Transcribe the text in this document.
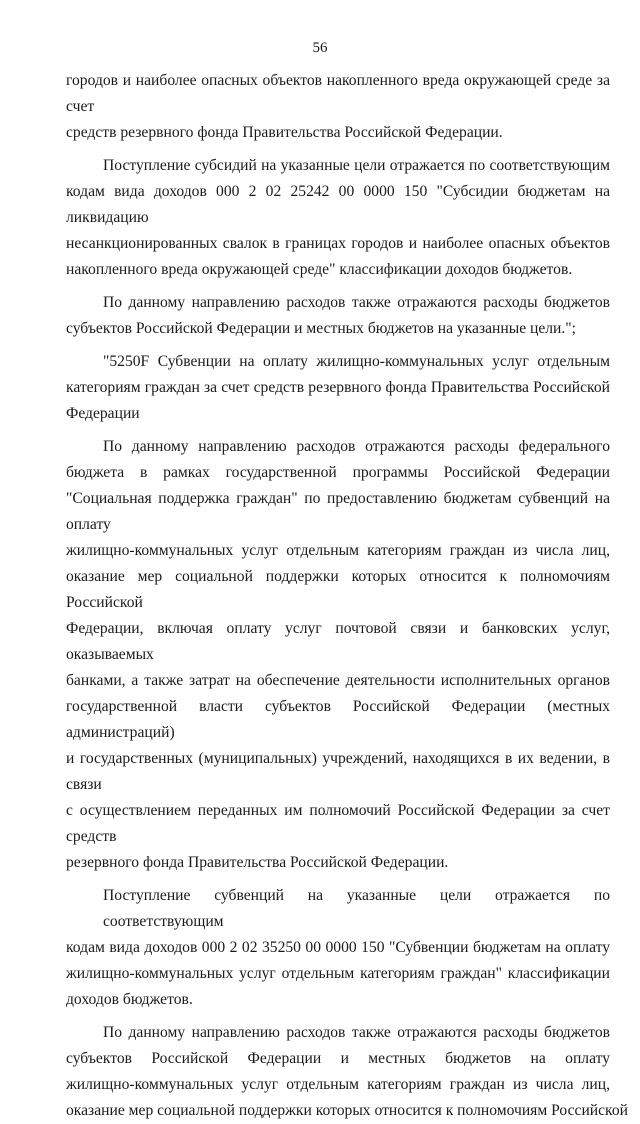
56
городов и наиболее опасных объектов накопленного вреда окружающей среде за счет
средств резервного фонда Правительства Российской Федерации.
Поступление субсидий на указанные цели отражается по соответствующим
кодам вида доходов 000 2 02 25242 00 0000 150 "Субсидии бюджетам на ликвидацию
несанкционированных свалок в границах городов и наиболее опасных объектов
накопленного вреда окружающей среде" классификации доходов бюджетов.
По данному направлению расходов также отражаются расходы бюджетов
субъектов Российской Федерации и местных бюджетов на указанные цели.";
"5250F Субвенции на оплату жилищно-коммунальных услуг отдельным
категориям граждан за счет средств резервного фонда Правительства Российской
Федерации
По данному направлению расходов отражаются расходы федерального
бюджета в рамках государственной программы Российской Федерации
"Социальная поддержка граждан" по предоставлению бюджетам субвенций на оплату
жилищно-коммунальных услуг отдельным категориям граждан из числа лиц,
оказание мер социальной поддержки которых относится к полномочиям Российской
Федерации, включая оплату услуг почтовой связи и банковских услуг, оказываемых
банками, а также затрат на обеспечение деятельности исполнительных органов
государственной власти субъектов Российской Федерации (местных администраций)
и государственных (муниципальных) учреждений, находящихся в их ведении, в связи
с осуществлением переданных им полномочий Российской Федерации за счет средств
резервного фонда Правительства Российской Федерации.
Поступление субвенций на указанные цели отражается по соответствующим
кодам вида доходов 000 2 02 35250 00 0000 150 "Субвенции бюджетам на оплату
жилищно-коммунальных услуг отдельным категориям граждан" классификации
доходов бюджетов.
По данному направлению расходов также отражаются расходы бюджетов
субъектов Российской Федерации и местных бюджетов на оплату
жилищно-коммунальных услуг отдельным категориям граждан из числа лиц,
оказание мер социальной поддержки которых относится к полномочиям Российской
